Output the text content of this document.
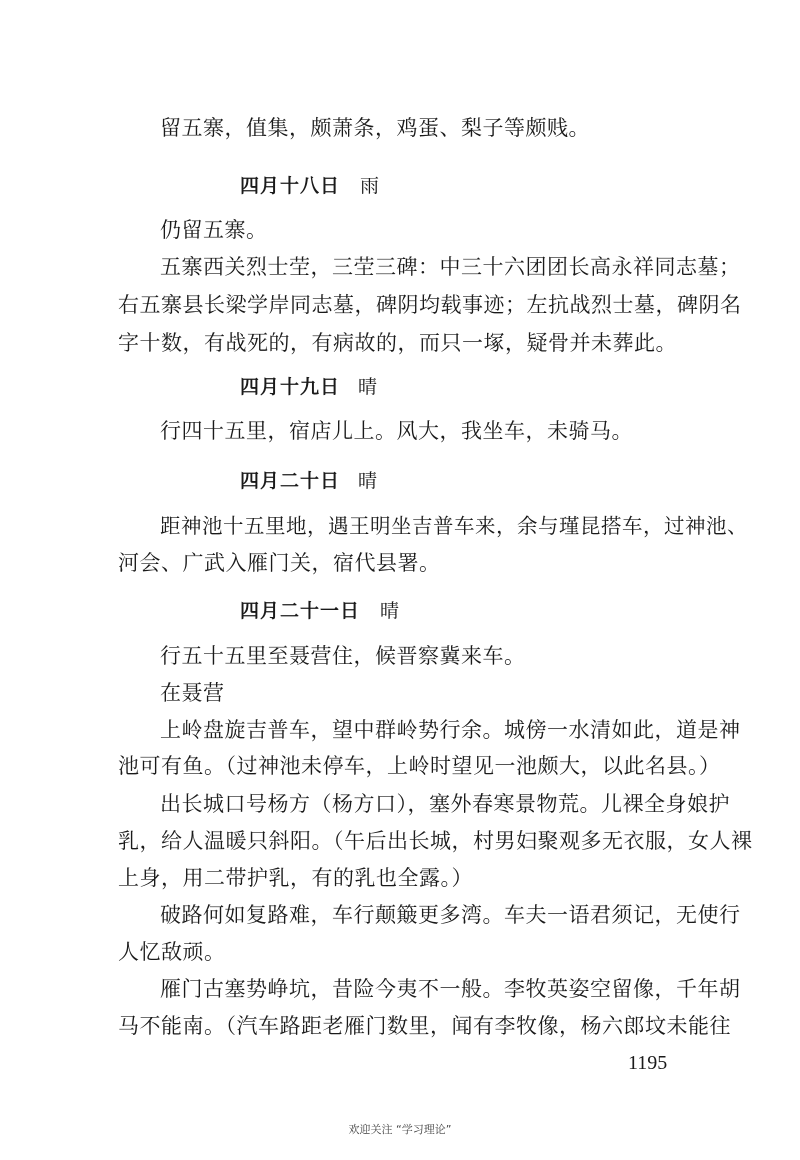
留五寨，值集，颇萧条，鸡蛋、梨子等颇贱。
四月十八日 雨
仍留五寨。
五寨西关烈士茔，三茔三碑：中三十六团团长高永祥同志墓；
右五寨县长梁学岸同志墓，碑阴均载事迹；左抗战烈士墓，碑阴名
字十数，有战死的，有病故的，而只一塚，疑骨并未葬此。
四月十九日 晴
行四十五里，宿店儿上。风大，我坐车，未骑马。
四月二十日 晴
距神池十五里地，遇王明坐吉普车来，余与瑾昆搭车，过神池、
河会、广武入雁门关，宿代县署。
四月二十一日 晴
行五十五里至聂营住，候晋察冀来车。
在聂营
上岭盘旋吉普车，望中群岭势行余。城傍一水清如此，道是神
池可有鱼。（过神池未停车，上岭时望见一池颇大，以此名县。）
出长城口号杨方（杨方口），塞外春寒景物荒。儿裸全身娘护
乳，给人温暖只斜阳。（午后出长城，村男妇聚观多无衣服，女人裸
上身，用二带护乳，有的乳也全露。）
破路何如复路难，车行颠簸更多湾。车夫一语君须记，无使行
人忆敌顽。
雁门古塞势峥坑，昔险今夷不一般。李牧英姿空留像，千年胡
马不能南。（汽车路距老雁门数里，闻有李牧像，杨六郎坟未能往
1195
欢迎关注 “学习理论”
